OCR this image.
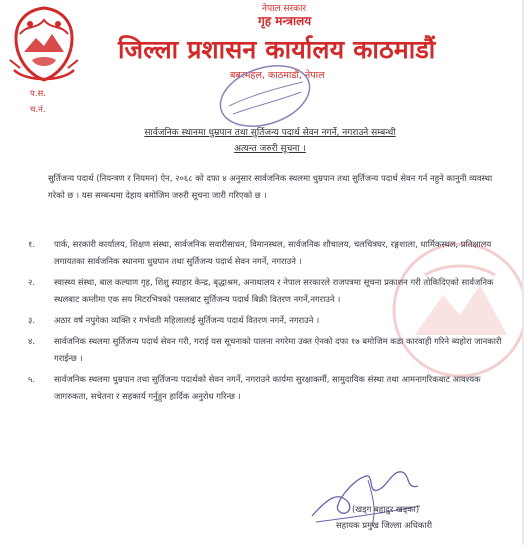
नेपाल सरकार
गृह मन्त्रालय
जिल्ला प्रशासन कार्यालय काठमाडौं
बबरमहल, काठमाडौं, नेपाल
प.स.
च.नं.
सार्वजनिक स्थानमा धुम्रपान तथा सुर्तिजन्य पदार्थ सेवन नगर्ने, नगराउने सम्बन्धी
अत्यन्त जरुरी सूचना ।
सुर्तिजन्य पदार्थ (नियन्त्रण र नियमन) ऐन, २०६८ को दफा ४ अनुसार सार्वजनिक स्थलमा धुम्रपान तथा सुर्तिजन्य पदार्थ सेवन गर्न नहुने कानुनी व्यवस्था गरेको छ । यस सम्बन्धमा देहाय बमोजिम जरुरी सूचना जारी गरिएको छ ।
१. पार्क, सरकारी कार्यालय, शिक्षण संस्था, सार्वजनिक सवारीसाधन, विमानस्थल, सार्वजनिक शौचालय, चलचित्रघर, रङ्गशाला, धार्मिकस्थल, प्रतिक्षालय लगायतका सार्वजनिक स्थानमा धुम्रपान तथा सुर्तिजन्य पदार्थ सेवन नगर्ने, नगराउने ।
२. स्वास्थ्य संस्था, बाल कल्याण गृह, शिशु स्याहार केन्द्र, बृद्धाश्रम, अनाथालय र नेपाल सरकारले राजपत्रमा सूचना प्रकाशन गरी तोकिदिएको सार्वजनिक स्थलबाट कम्तीमा एक सय मिटरभित्रको पसलबाट सुर्तिजन्य पदार्थ बिक्री वितरण नगर्ने,नगराउने ।
३. अठार वर्ष नपुगेका व्यक्ति र गर्भवती महिलालाई सुर्तिजन्य पदार्थ वितरण नगर्ने, नगराउने ।
४. सार्वजनिक स्थलमा सुर्तिजन्य पदार्थ सेवन गरी, गराई यस सूचनाको पालना नगरेमा उक्त ऐनको दफा १७ बमोजिम कडा कारवाही गरिने ब्यहोरा जानकारी गराईन्छ ।
५. सार्वजनिक स्थलमा धुम्रपान तथा सुर्तिजन्य पदार्थको सेवन नगर्ने, नगराउने कार्यमा सुरक्षाकर्मी, सामुदायिक संस्था तथा आमनागरिकबाट आवश्यक जागरुकता, सचेतना र सहकार्य गर्नुहुन हार्दिक अनुरोध गरिन्छ ।
(खड्ग बहादुर खड्का)
सहायक प्रमुख जिल्ला अधिकारी
